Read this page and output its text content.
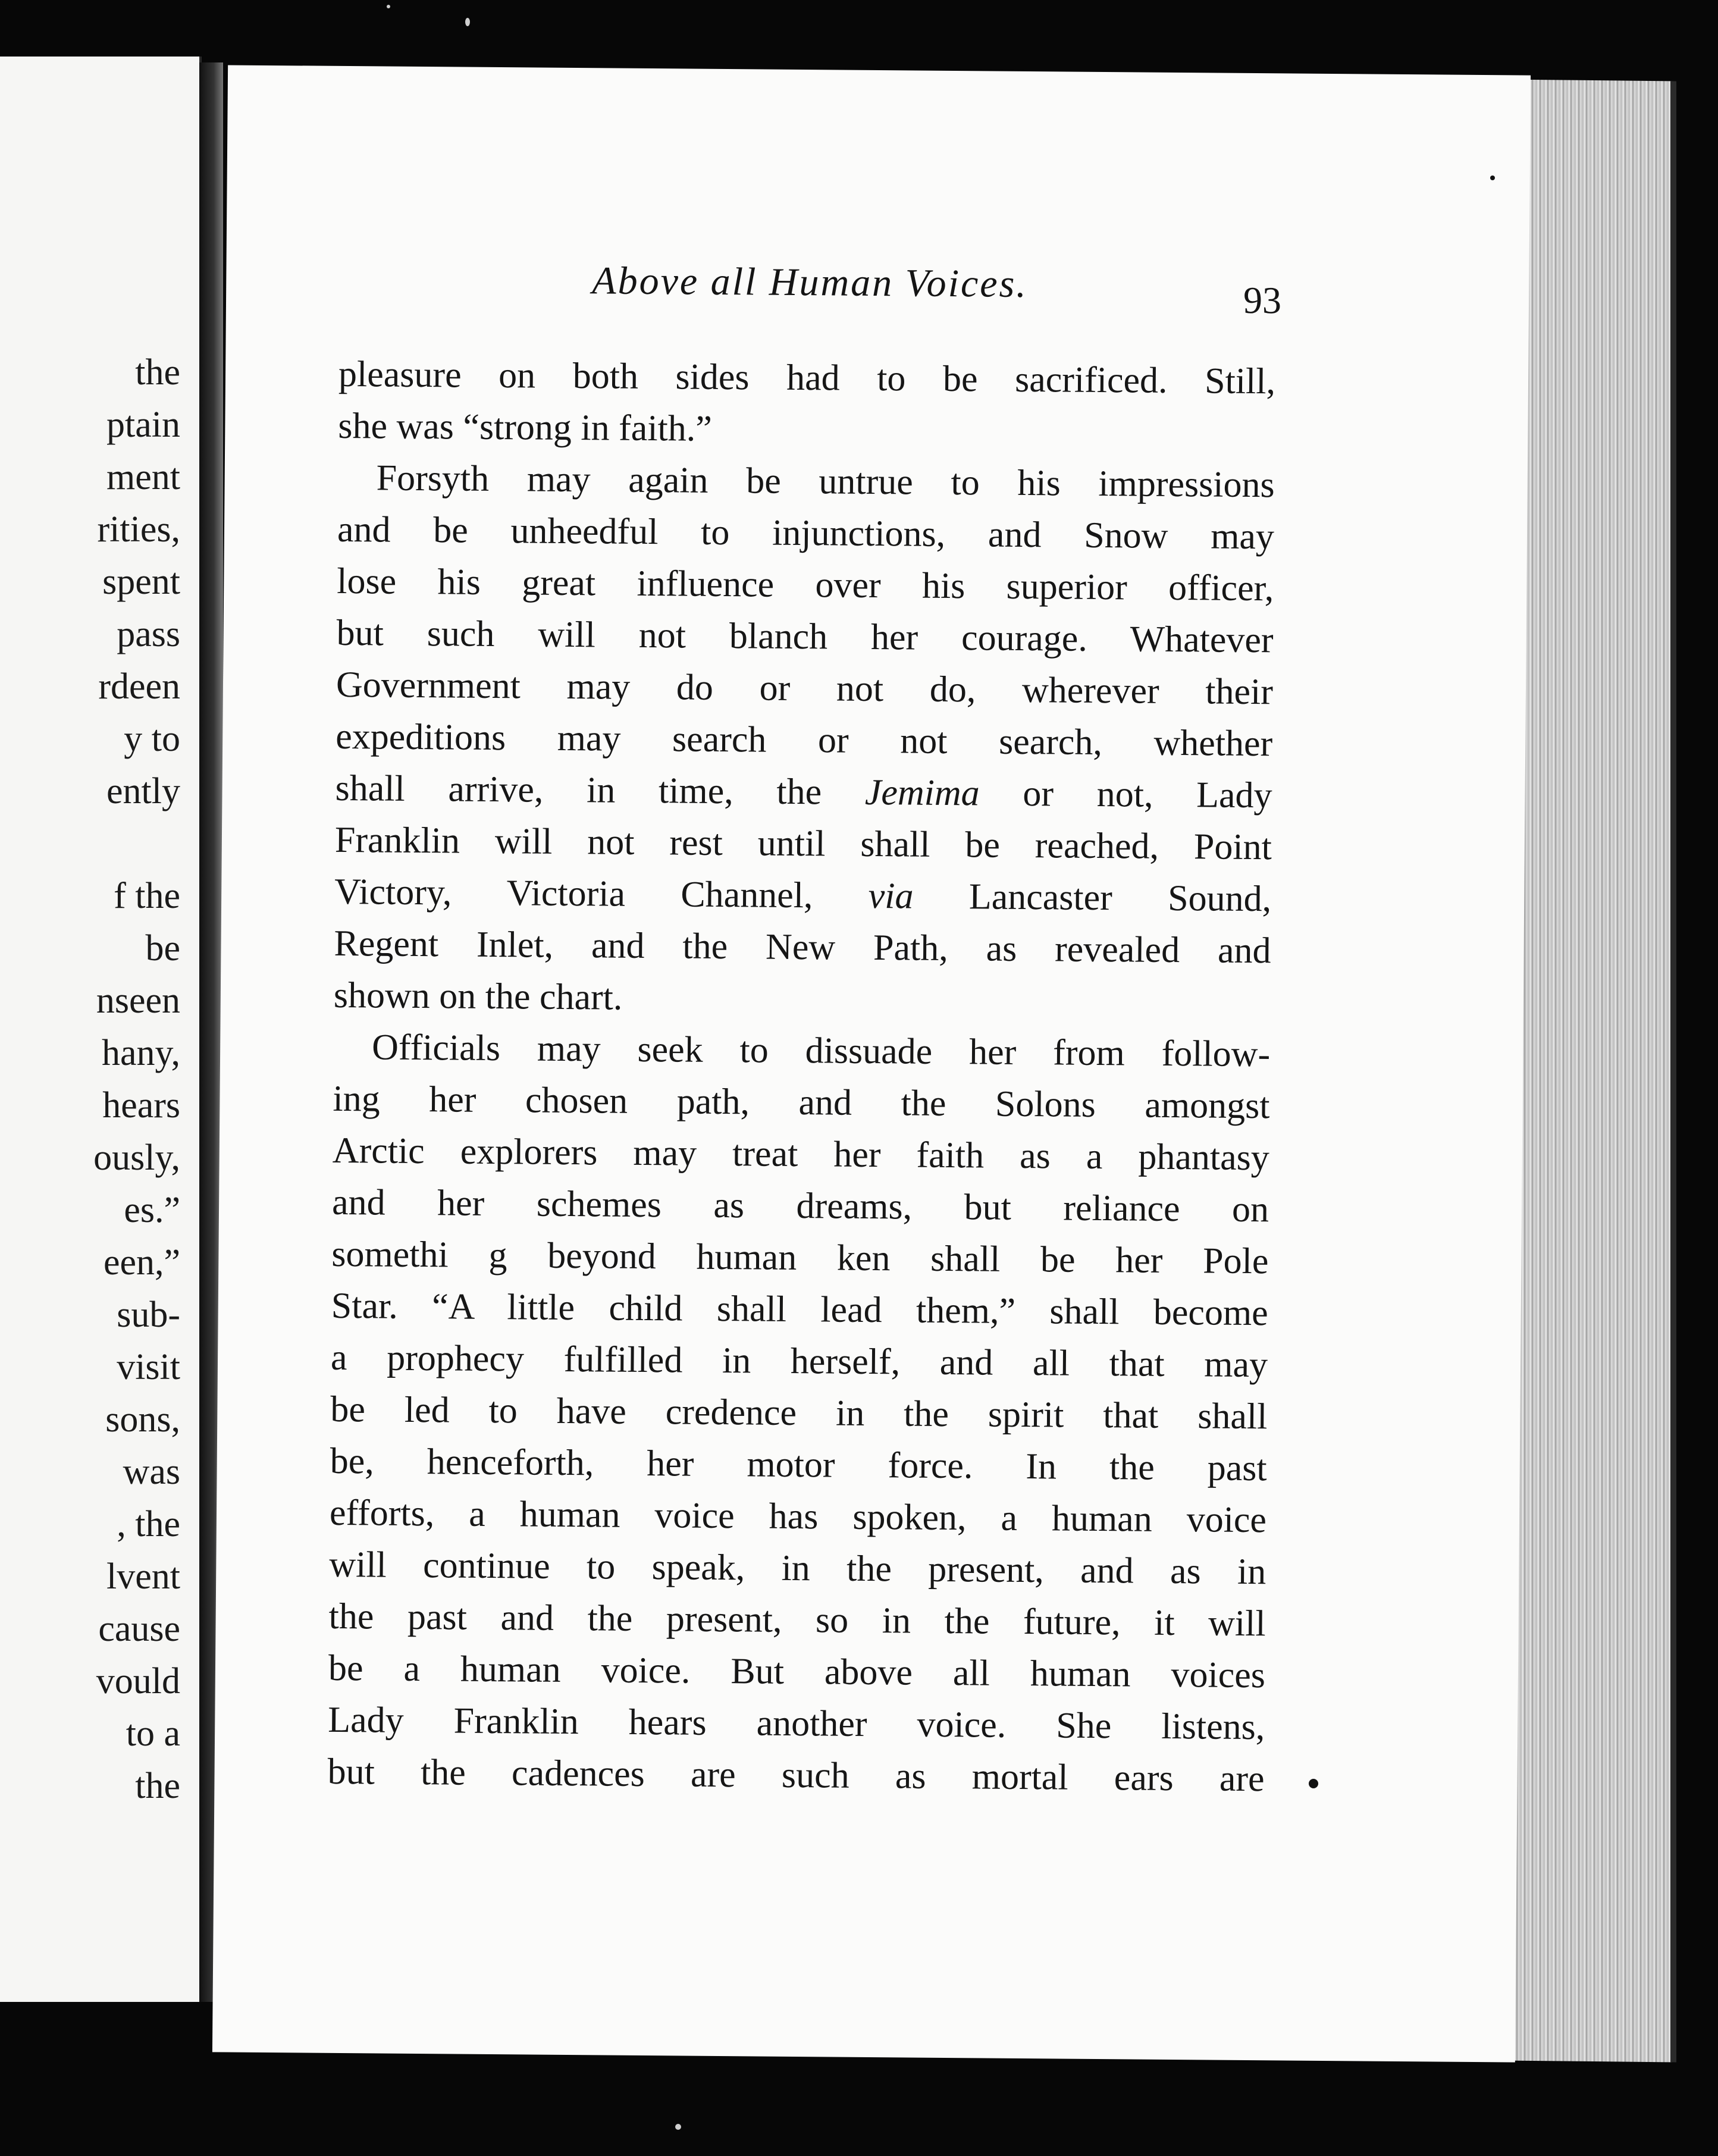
the
ptain
ment
rities,
spent
pass
rdeen
y to
ently
f the
be
nseen
hany,
hears
ously,
es.”
een,”
sub-
visit
sons,
was
, the
lvent
cause
vould
to a
the
Above all Human Voices.	93
pleasure on both sides had to be sacrificed. Still,
she was “strong in faith.”
Forsyth may again be untrue to his impressions
and be unheedful to injunctions, and Snow may
lose his great influence over his superior officer,
but such will not blanch her courage. Whatever
Government may do or not do, wherever their
expeditions may search or not search, whether
shall arrive, in time, the Jemima or not, Lady
Franklin will not rest until shall be reached, Point
Victory, Victoria Channel, via Lancaster Sound,
Regent Inlet, and the New Path, as revealed and
shown on the chart.
Officials may seek to dissuade her from follow-
ing her chosen path, and the Solons amongst
Arctic explorers may treat her faith as a phantasy
and her schemes as dreams, but reliance on
somethi g beyond human ken shall be her Pole
Star. “A little child shall lead them,” shall become
a prophecy fulfilled in herself, and all that may
be led to have credence in the spirit that shall
be, henceforth, her motor force. In the past
efforts, a human voice has spoken, a human voice
will continue to speak, in the present, and as in
the past and the present, so in the future, it will
be a human voice. But above all human voices
Lady Franklin hears another voice. She listens,
but the cadences are such as mortal ears are
